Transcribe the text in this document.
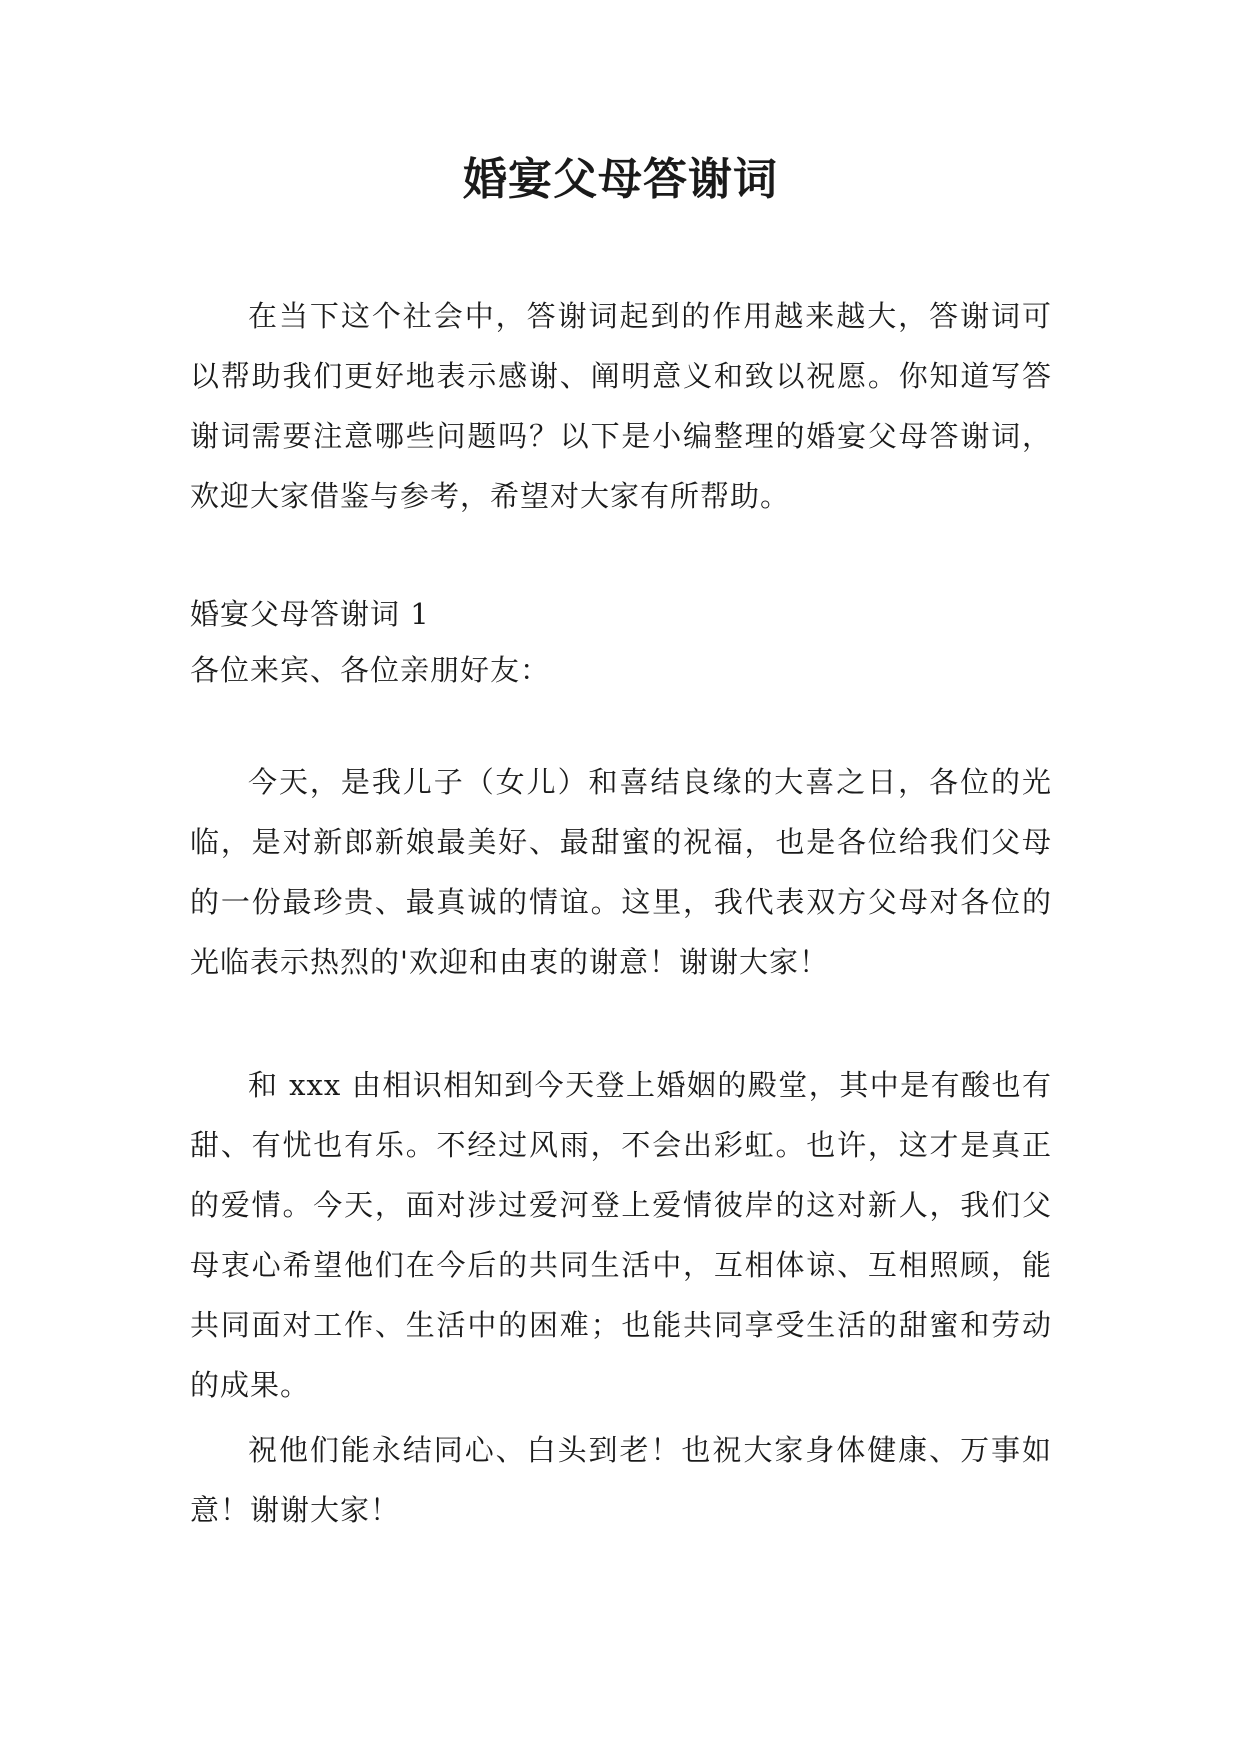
婚宴父母答谢词

在当下这个社会中，答谢词起到的作用越来越大，答谢词可以帮助我们更好地表示感谢、阐明意义和致以祝愿。你知道写答谢词需要注意哪些问题吗？以下是小编整理的婚宴父母答谢词，欢迎大家借鉴与参考，希望对大家有所帮助。

婚宴父母答谢词 1

各位来宾、各位亲朋好友：

今天，是我儿子（女儿）和喜结良缘的大喜之日，各位的光临，是对新郎新娘最美好、最甜蜜的祝福，也是各位给我们父母的一份最珍贵、最真诚的情谊。这里，我代表双方父母对各位的光临表示热烈的'欢迎和由衷的谢意！谢谢大家！

和 xxx 由相识相知到今天登上婚姻的殿堂，其中是有酸也有甜、有忧也有乐。不经过风雨，不会出彩虹。也许，这才是真正的爱情。今天，面对涉过爱河登上爱情彼岸的这对新人，我们父母衷心希望他们在今后的共同生活中，互相体谅、互相照顾，能共同面对工作、生活中的困难；也能共同享受生活的甜蜜和劳动的成果。

祝他们能永结同心、白头到老！也祝大家身体健康、万事如意！谢谢大家！
